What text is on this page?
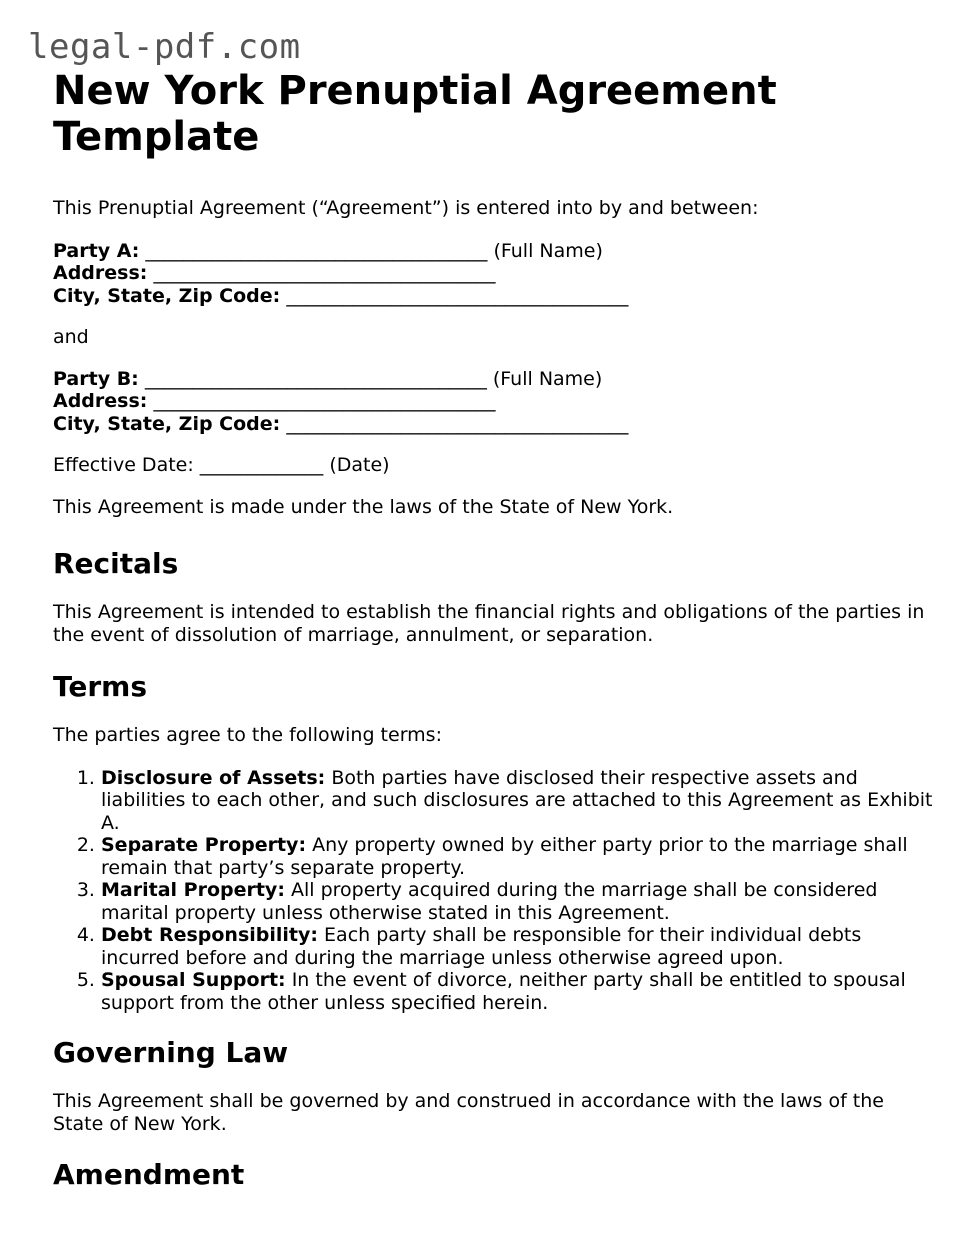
legal-pdf.com
New York Prenuptial Agreement Template

This Prenuptial Agreement (“Agreement”) is entered into by and between:

Party A: ____________________________________ (Full Name)
Address: ____________________________________
City, State, Zip Code: ____________________________________

and

Party B: ____________________________________ (Full Name)
Address: ____________________________________
City, State, Zip Code: ____________________________________

Effective Date: _____________ (Date)

This Agreement is made under the laws of the State of New York.

Recitals

This Agreement is intended to establish the financial rights and obligations of the parties in the event of dissolution of marriage, annulment, or separation.

Terms

The parties agree to the following terms:

1. Disclosure of Assets: Both parties have disclosed their respective assets and liabilities to each other, and such disclosures are attached to this Agreement as Exhibit A.
2. Separate Property: Any property owned by either party prior to the marriage shall remain that party’s separate property.
3. Marital Property: All property acquired during the marriage shall be considered marital property unless otherwise stated in this Agreement.
4. Debt Responsibility: Each party shall be responsible for their individual debts incurred before and during the marriage unless otherwise agreed upon.
5. Spousal Support: In the event of divorce, neither party shall be entitled to spousal support from the other unless specified herein.
Governing Law

This Agreement shall be governed by and construed in accordance with the laws of the State of New York.

Amendment
